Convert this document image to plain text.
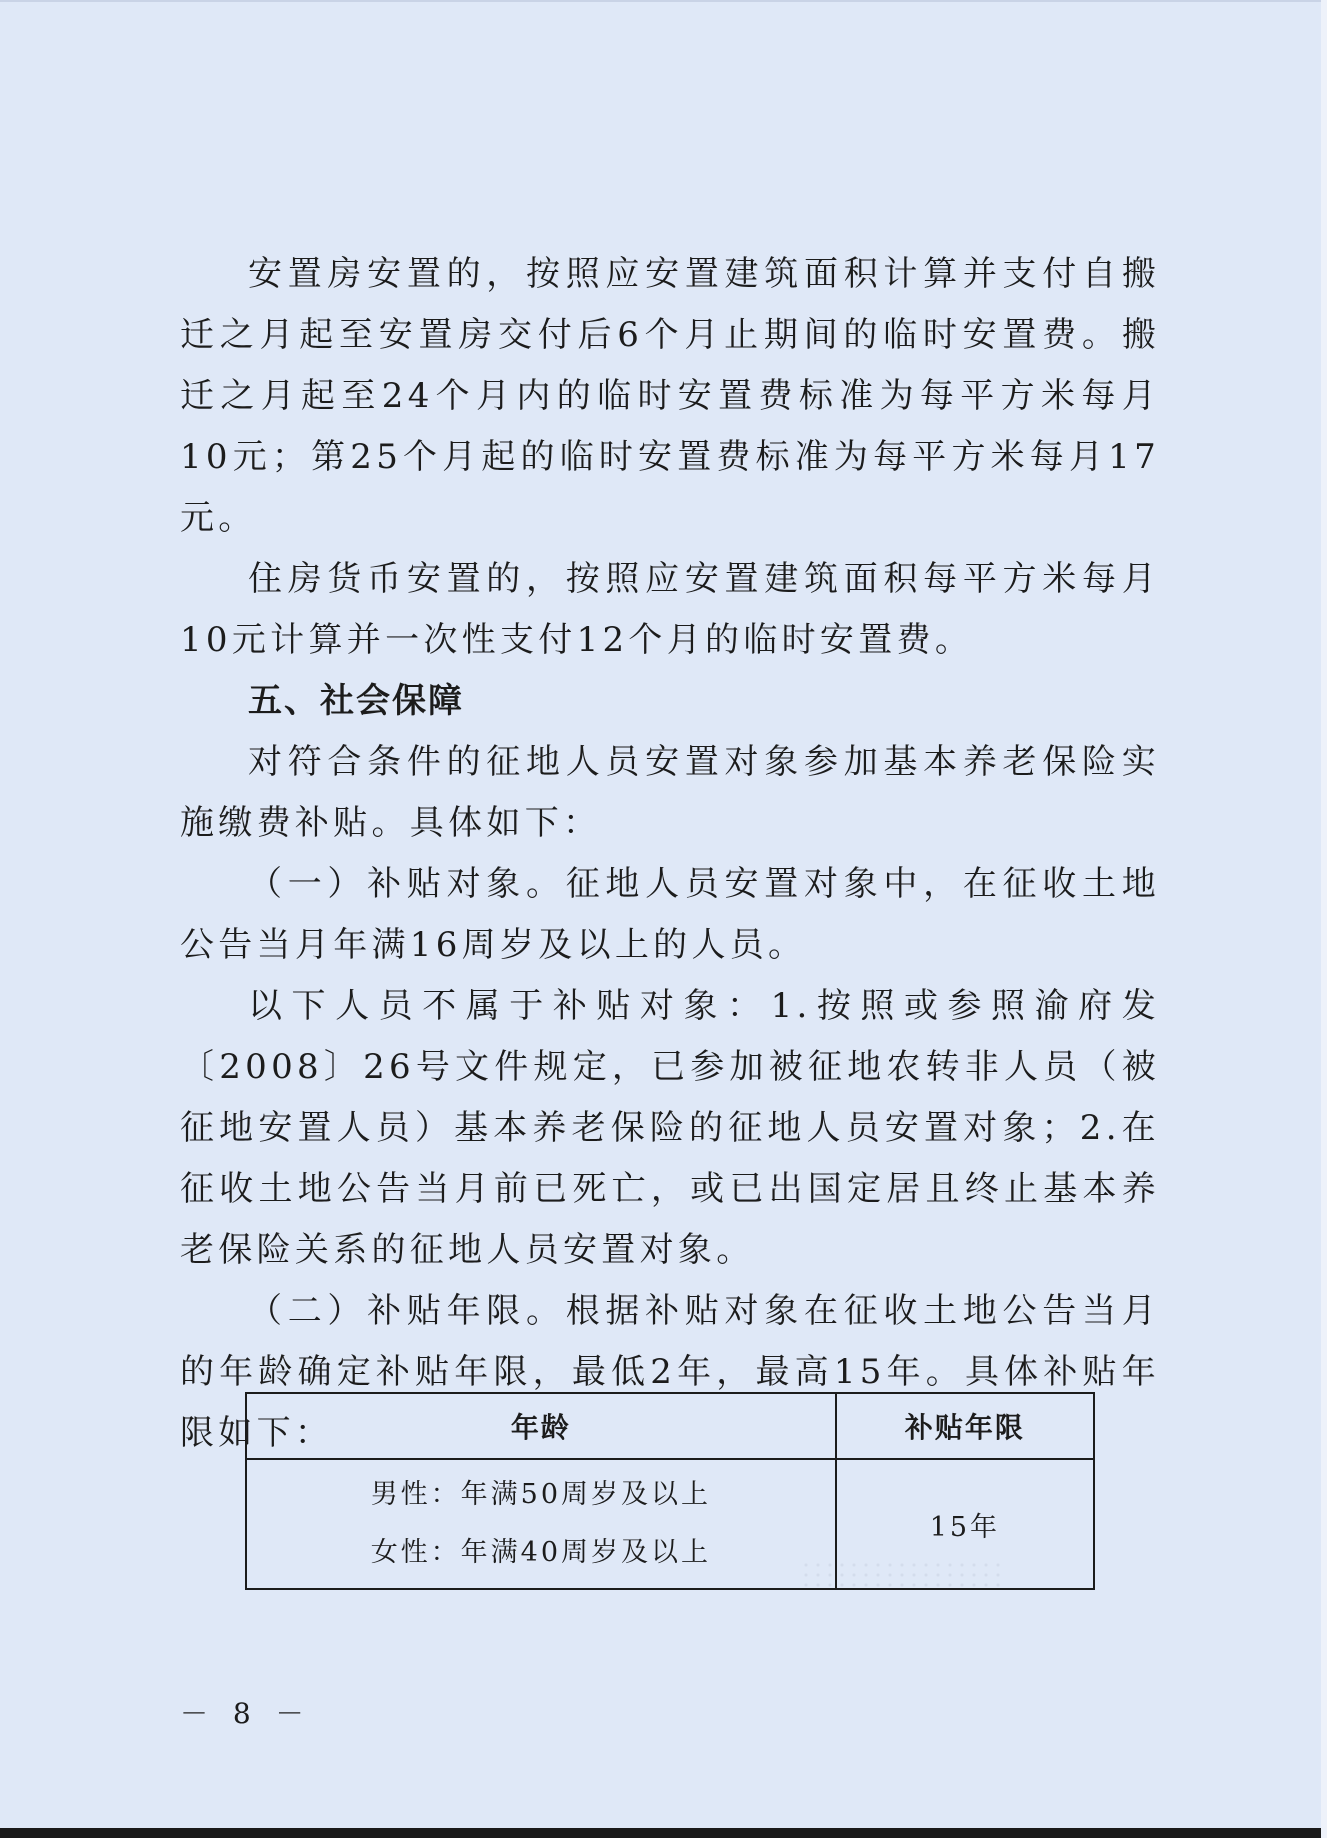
安置房安置的，按照应安置建筑面积计算并支付自搬迁之月起至安置房交付后6个月止期间的临时安置费。搬迁之月起至24个月内的临时安置费标准为每平方米每月10元；第25个月起的临时安置费标准为每平方米每月17元。

住房货币安置的，按照应安置建筑面积每平方米每月10元计算并一次性支付12个月的临时安置费。

五、社会保障

对符合条件的征地人员安置对象参加基本养老保险实施缴费补贴。具体如下：

（一）补贴对象。征地人员安置对象中，在征收土地公告当月年满16周岁及以上的人员。

以下人员不属于补贴对象：1.按照或参照渝府发〔2008〕26号文件规定，已参加被征地农转非人员（被征地安置人员）基本养老保险的征地人员安置对象；2.在征收土地公告当月前已死亡，或已出国定居且终止基本养老保险关系的征地人员安置对象。

（二）补贴年限。根据补贴对象在征收土地公告当月的年龄确定补贴年限，最低2年，最高15年。具体补贴年限如下：	年龄	补贴年限

男性：年满50周岁及以上
女性：年满40周岁及以上	15年
－ 8 －
